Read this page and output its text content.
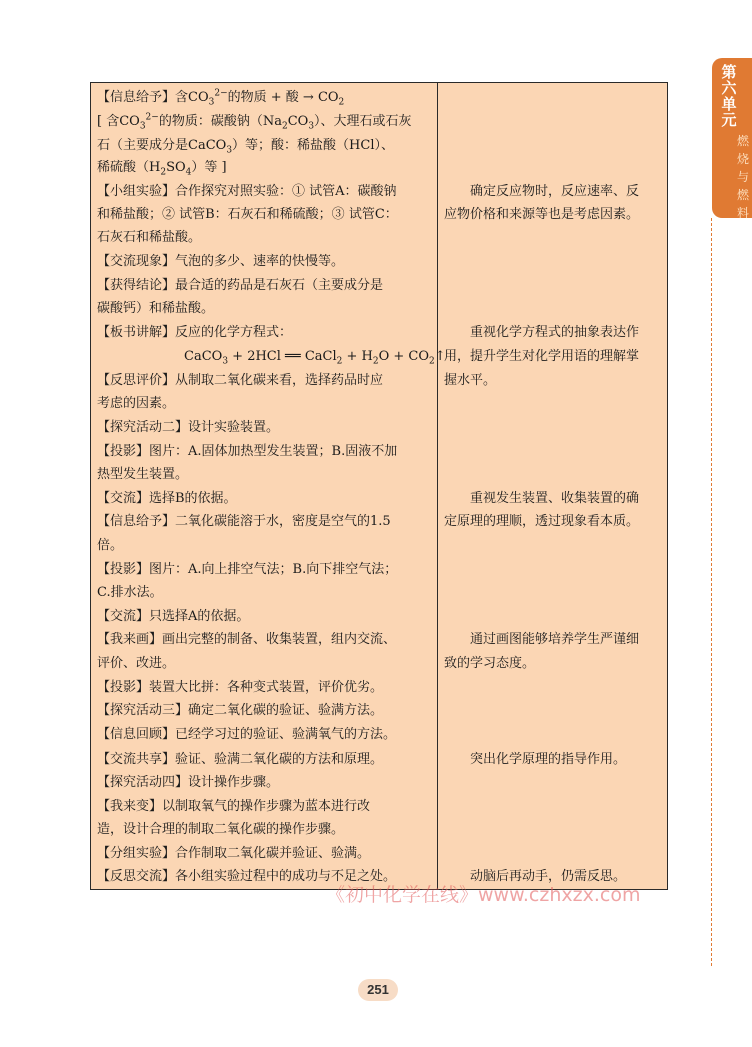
【信息给予】含$CO_3^{2-}$的物质 + 酸 → $CO_2$
[ 含$CO_3^{2-}$的物质：碳酸钠$(Na_2CO_3)$、大理石或石灰
石（主要成分是CaCO$_3$）等；酸：稀盐酸（HCl）、
稀硫酸$(H_2SO_4)$等 ]
【小组实验】合作探究对照实验：① 试管A：碳酸钠
和稀盐酸；② 试管B：石灰石和稀硫酸；③ 试管C：
石灰石和稀盐酸。
【交流现象】气泡的多少、速率的快慢等。
【获得结论】最合适的药品是石灰石（主要成分是
碳酸钙）和稀盐酸。
【板书讲解】反应的化学方程式：
CaCO$_3$ + 2HCl ══ CaCl$_2$ + $H_2O$ + $CO_2↑$
【反思评价】从制取二氧化碳来看，选择药品时应
考虑的因素。
【探究活动二】设计实验装置。
【投影】图片：A.固体加热型发生装置；B.固液不加
热型发生装置。
【交流】选择B的依据。
【信息给予】二氧化碳能溶于水，密度是空气的1.5
倍。
【投影】图片：A.向上排空气法；B.向下排空气法；
C.排水法。
【交流】只选择A的依据。
【我来画】画出完整的制备、收集装置，组内交流、
评价、改进。
【投影】装置大比拼：各种变式装置，评价优劣。
【探究活动三】确定二氧化碳的验证、验满方法。
【信息回顾】已经学习过的验证、验满氧气的方法。
【交流共享】验证、验满二氧化碳的方法和原理。
【探究活动四】设计操作步骤。
【我来变】以制取氧气的操作步骤为蓝本进行改
造，设计合理的制取二氧化碳的操作步骤。
【分组实验】合作制取二氧化碳并验证、验满。
【反思交流】各小组实验过程中的成功与不足之处。
确定反应物时，反应速率、反
应物价格和来源等也是考虑因素。
重视化学方程式的抽象表达作
用，提升学生对化学用语的理解掌
握水平。
重视发生装置、收集装置的确
定原理的理顺，透过现象看本质。
通过画图能够培养学生严谨细
致的学习态度。
突出化学原理的指导作用。
动脑后再动手，仍需反思。
第六单元
燃烧与燃料
《初中化学在线》www.czhxzx.com
251
